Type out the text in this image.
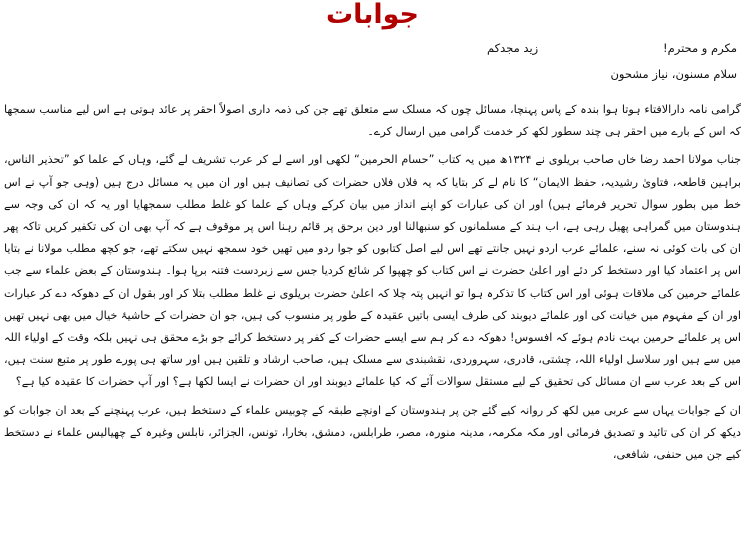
جوابات
مکرم و محترم!
زید مجدکم
سلام مسنون، نیاز مشحون

گرامی نامہ دارالافتاء ہوتا ہوا بندہ کے پاس پہنچا، مسائل چوں کہ مسلک سے متعلق تھے جن کی ذمہ داری اصولاً احقر پر عائد ہوتی ہے اس لیے مناسب سمجھا کہ اس کے بارے میں احقر ہی چند سطور لکھ کر خدمت گرامی میں ارسال کرے۔

جناب مولانا احمد رضا خاں صاحب بریلوی نے ۱۳۲۴ھ میں یہ کتاب ”حسام الحرمین“ لکھی اور اسے لے کر عرب تشریف لے گئے، وہاں کے علما کو ”تحذیر الناس، براہین قاطعہ، فتاویٰ رشیدیہ، حفظ الایمان“ کا نام لے کر بتایا کہ یہ فلاں فلاں حضرات کی تصانیف ہیں اور ان میں یہ مسائل درج ہیں (وہی جو آپ نے اس خط میں بطور سوال تحریر فرمائے ہیں) اور ان کی عبارات کو اپنے انداز میں بیان کرکے وہاں کے علما کو غلط مطلب سمجھایا اور یہ کہ ان کی وجہ سے ہندوستان میں گمراہی پھیل رہی ہے، اب ہند کے مسلمانوں کو سنبھالنا اور دین برحق پر قائم رہنا اس پر موقوف ہے کہ آپ بھی ان کی تکفیر کریں تاکہ پھر ان کی بات کوئی نہ سنے، علمائے عرب اردو نہیں جانتے تھے اس لیے اصل کتابوں کو جوا ردو میں تھیں خود سمجھ نہیں سکتے تھے، جو کچھ مطلب مولانا نے بتایا اس پر اعتماد کیا اور دستخط کر دئے اور اعلیٰ حضرت نے اس کتاب کو چھپوا کر شائع کردیا جس سے زبردست فتنہ برپا ہوا۔ ہندوستان کے بعض علماء سے جب علمائے حرمین کی ملاقات ہوئی اور اس کتاب کا تذکرہ ہوا تو انہیں پتہ چلا کہ اعلیٰ حضرت بریلوی نے غلط مطلب بتلا کر اور بقول ان کے دھوکہ دے کر عبارات اور ان کے مفہوم میں خیانت کی اور علمائے دیوبند کی طرف ایسی باتیں عقیدہ کے طور پر منسوب کی ہیں، جو ان حضرات کے حاشیۂ خیال میں بھی نہیں تھیں اس پر علمائے حرمین بہت نادم ہوئے کہ افسوس! دھوکہ دے کر ہم سے ایسے حضرات کے کفر پر دستخط کرائے جو بڑے محقق ہی نہیں بلکہ وقت کے اولیاء اللہ میں سے ہیں اور سلاسل اولیاء اللہ، چشتی، قادری، سہروردی، نقشبندی سے مسلک ہیں، صاحب ارشاد و تلقین ہیں اور ساتھ ہی پورے طور پر متبع سنت ہیں، اس کے بعد عرب سے ان مسائل کی تحقیق کے لیے مستقل سوالات آئے کہ کیا علمائے دیوبند اور ان حضرات نے ایسا لکھا ہے؟ اور آپ حضرات کا عقیدہ کیا ہے؟

ان کے جوابات یہاں سے عربی میں لکھ کر روانہ کیے گئے جن پر ہندوستان کے اونچے طبقہ کے چوبیس علماء کے دستخط ہیں، عرب پہنچنے کے بعد ان جوابات کو دیکھ کر ان کی تائید و تصدیق فرمائی اور مکہ مکرمہ، مدینہ منورہ، مصر، طرابلس، دمشق، بخارا، تونس، الجزائر، نابلس وغیرہ کے چھیالیس علماء نے دستخط کیے جن میں حنفی، شافعی،
